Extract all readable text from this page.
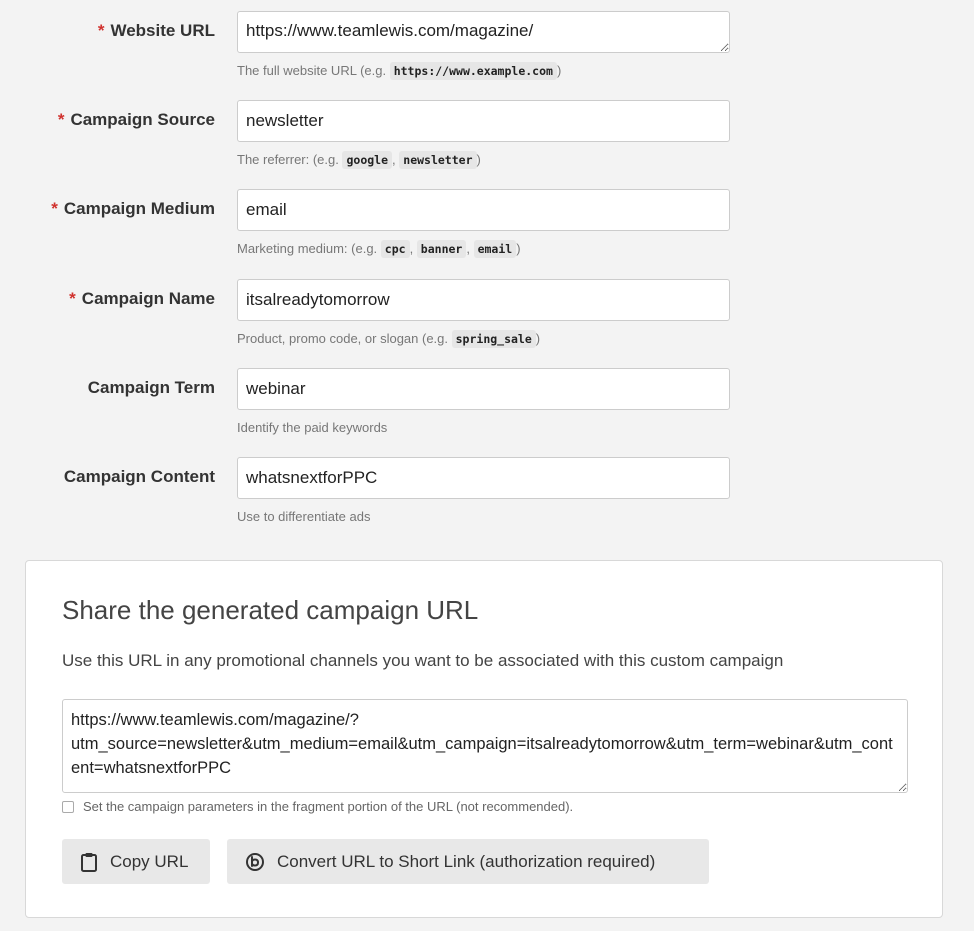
* Website URL
https://www.teamlewis.com/magazine/
The full website URL (e.g. https://www.example.com )
* Campaign Source
newsletter
The referrer: (e.g. google , newsletter )
* Campaign Medium
email
Marketing medium: (e.g. cpc , banner , email )
* Campaign Name
itsalreadytomorrow
Product, promo code, or slogan (e.g. spring_sale )
Campaign Term
webinar
Identify the paid keywords
Campaign Content
whatsnextforPPC
Use to differentiate ads
Share the generated campaign URL
Use this URL in any promotional channels you want to be associated with this custom campaign
https://www.teamlewis.com/magazine/? utm_source=newsletter&utm_medium=email&utm_campaign=itsalreadytomorrow&utm_term=webinar&utm_content=whatsnextforPPC
Set the campaign parameters in the fragment portion of the URL (not recommended).
Copy URL	Convert URL to Short Link (authorization required)
